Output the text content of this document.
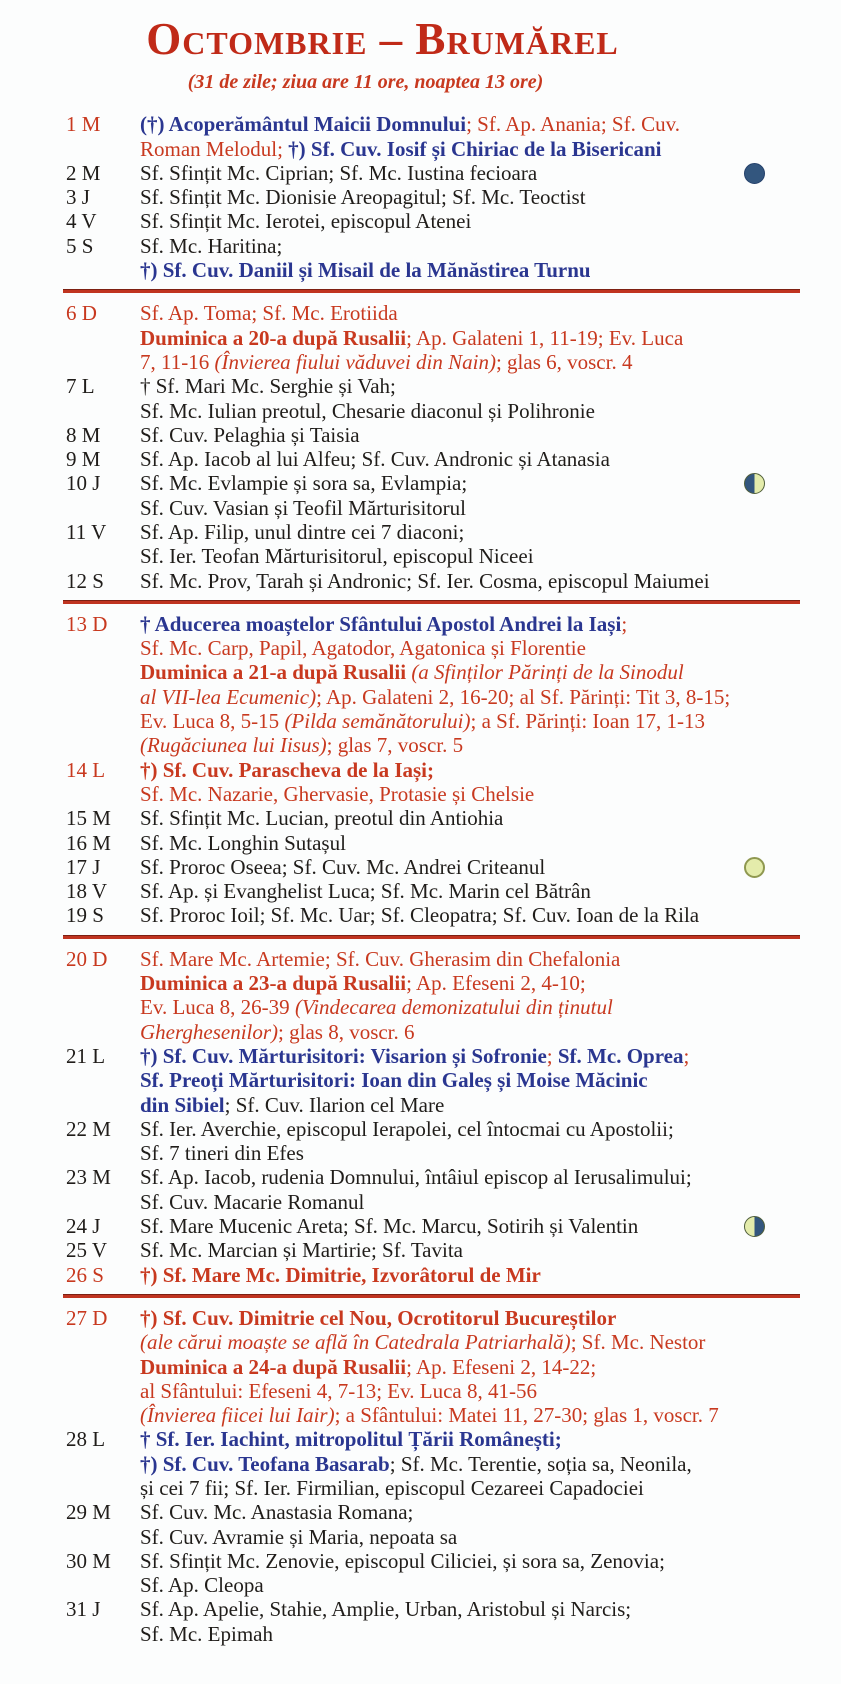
Octombrie – Brumărel
(31 de zile; ziua are 11 ore, noaptea 13 ore)
1 M	(†) Acoperământul Maicii Domnului; Sf. Ap. Anania; Sf. Cuv.
Roman Melodul; †) Sf. Cuv. Iosif și Chiriac de la Bisericani
2 M	Sf. Sfințit Mc. Ciprian; Sf. Mc. Iustina fecioara
3 J	Sf. Sfințit Mc. Dionisie Areopagitul; Sf. Mc. Teoctist
4 V	Sf. Sfințit Mc. Ierotei, episcopul Atenei
5 S	Sf. Mc. Haritina;
†) Sf. Cuv. Daniil și Misail de la Mănăstirea Turnu
6 D	Sf. Ap. Toma; Sf. Mc. Erotiida
Duminica a 20-a după Rusalii; Ap. Galateni 1, 11-19; Ev. Luca
7, 11-16 (Învierea fiului văduvei din Nain); glas 6, voscr. 4
7 L	† Sf. Mari Mc. Serghie și Vah;
Sf. Mc. Iulian preotul, Chesarie diaconul și Polihronie
8 M	Sf. Cuv. Pelaghia și Taisia
9 M	Sf. Ap. Iacob al lui Alfeu; Sf. Cuv. Andronic și Atanasia
10 J	Sf. Mc. Evlampie și sora sa, Evlampia;
Sf. Cuv. Vasian și Teofil Mărturisitorul
11 V	Sf. Ap. Filip, unul dintre cei 7 diaconi;
Sf. Ier. Teofan Mărturisitorul, episcopul Niceei
12 S	Sf. Mc. Prov, Tarah și Andronic; Sf. Ier. Cosma, episcopul Maiumei
13 D	† Aducerea moaștelor Sfântului Apostol Andrei la Iași;
Sf. Mc. Carp, Papil, Agatodor, Agatonica și Florentie
Duminica a 21-a după Rusalii (a Sfinților Părinți de la Sinodul
al VII-lea Ecumenic); Ap. Galateni 2, 16-20; al Sf. Părinți: Tit 3, 8-15;
Ev. Luca 8, 5-15 (Pilda semănătorului); a Sf. Părinți: Ioan 17, 1-13
(Rugăciunea lui Iisus); glas 7, voscr. 5
14 L	†) Sf. Cuv. Parascheva de la Iași;
Sf. Mc. Nazarie, Ghervasie, Protasie și Chelsie
15 M	Sf. Sfințit Mc. Lucian, preotul din Antiohia
16 M	Sf. Mc. Longhin Sutașul
17 J	Sf. Proroc Oseea; Sf. Cuv. Mc. Andrei Criteanul
18 V	Sf. Ap. și Evanghelist Luca; Sf. Mc. Marin cel Bătrân
19 S	Sf. Proroc Ioil; Sf. Mc. Uar; Sf. Cleopatra; Sf. Cuv. Ioan de la Rila
20 D	Sf. Mare Mc. Artemie; Sf. Cuv. Gherasim din Chefalonia
Duminica a 23-a după Rusalii; Ap. Efeseni 2, 4-10;
Ev. Luca 8, 26-39 (Vindecarea demonizatului din ținutul
Gherghesenilor); glas 8, voscr. 6
21 L	†) Sf. Cuv. Mărturisitori: Visarion și Sofronie; Sf. Mc. Oprea;
Sf. Preoți Mărturisitori: Ioan din Galeș și Moise Măcinic
din Sibiel; Sf. Cuv. Ilarion cel Mare
22 M	Sf. Ier. Averchie, episcopul Ierapolei, cel întocmai cu Apostolii;
Sf. 7 tineri din Efes
23 M	Sf. Ap. Iacob, rudenia Domnului, întâiul episcop al Ierusalimului;
Sf. Cuv. Macarie Romanul
24 J	Sf. Mare Mucenic Areta; Sf. Mc. Marcu, Sotirih și Valentin
25 V	Sf. Mc. Marcian și Martirie; Sf. Tavita
26 S	†) Sf. Mare Mc. Dimitrie, Izvorâtorul de Mir
27 D	†) Sf. Cuv. Dimitrie cel Nou, Ocrotitorul Bucureștilor
(ale cărui moaște se află în Catedrala Patriarhală); Sf. Mc. Nestor
Duminica a 24-a după Rusalii; Ap. Efeseni 2, 14-22;
al Sfântului: Efeseni 4, 7-13; Ev. Luca 8, 41-56
(Învierea fiicei lui Iair); a Sfântului: Matei 11, 27-30; glas 1, voscr. 7
28 L	† Sf. Ier. Iachint, mitropolitul Țării Românești;
†) Sf. Cuv. Teofana Basarab; Sf. Mc. Terentie, soția sa, Neonila,
și cei 7 fii; Sf. Ier. Firmilian, episcopul Cezareei Capadociei
29 M	Sf. Cuv. Mc. Anastasia Romana;
Sf. Cuv. Avramie și Maria, nepoata sa
30 M	Sf. Sfințit Mc. Zenovie, episcopul Ciliciei, și sora sa, Zenovia;
Sf. Ap. Cleopa
31 J	Sf. Ap. Apelie, Stahie, Amplie, Urban, Aristobul și Narcis;
Sf. Mc. Epimah
